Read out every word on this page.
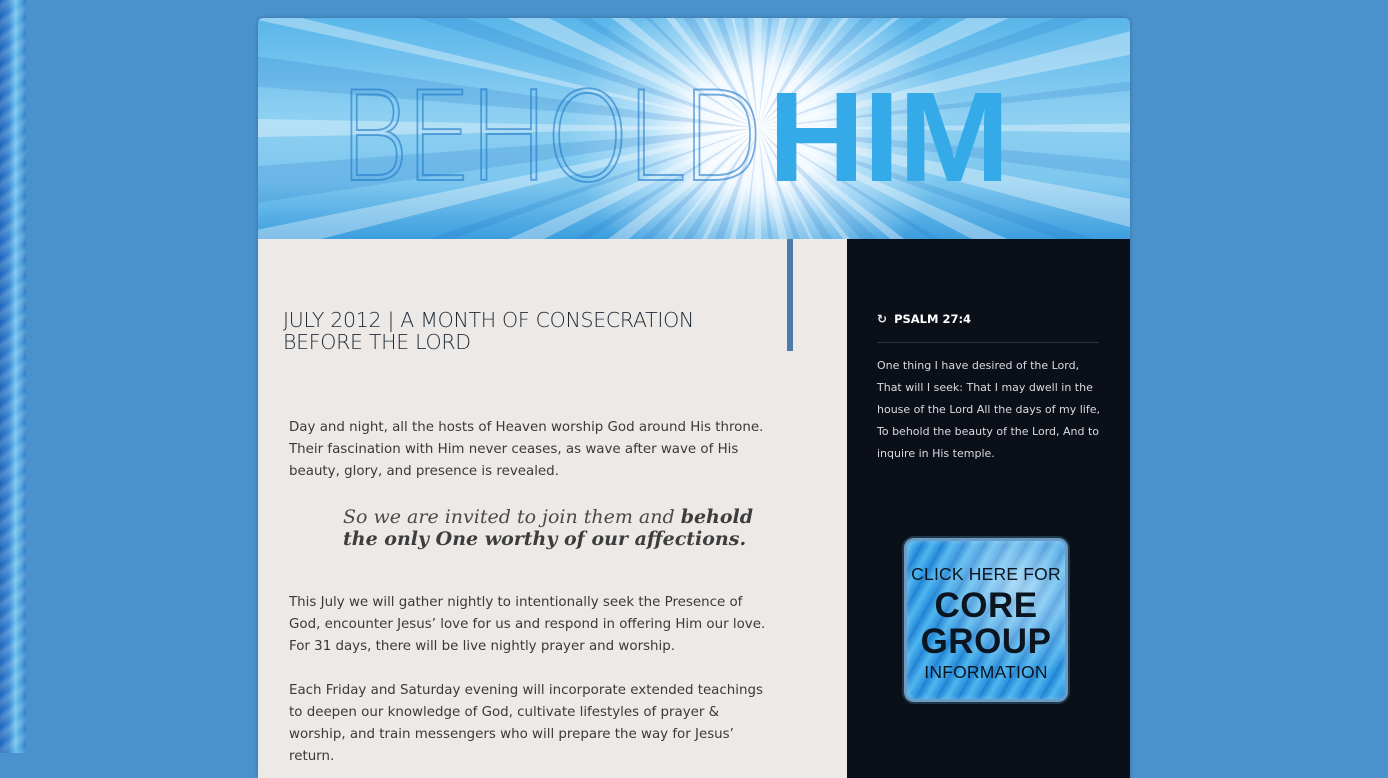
BEHOLD HIM
JULY 2012 | A MONTH OF CONSECRATION BEFORE THE LORD

Day and night, all the hosts of Heaven worship God around His throne.
Their fascination with Him never ceases, as wave after wave of His beauty, glory, and presence is revealed.

So we are invited to join them and behold the only One worthy of our affections.

This July we will gather nightly to intentionally seek the Presence of God, encounter Jesus’ love for us and respond in offering Him our love. For 31 days, there will be live nightly prayer and worship.

Each Friday and Saturday evening will incorporate extended teachings to deepen our knowledge of God, cultivate lifestyles of prayer & worship, and train messengers who will prepare the way for Jesus’ return.

↻ PSALM 27:4

One thing I have desired of the Lord, That will I seek: That I may dwell in the house of the Lord All the days of my life, To behold the beauty of the Lord, And to inquire in His temple.

CLICK HERE FOR
CORE
GROUP
INFORMATION
